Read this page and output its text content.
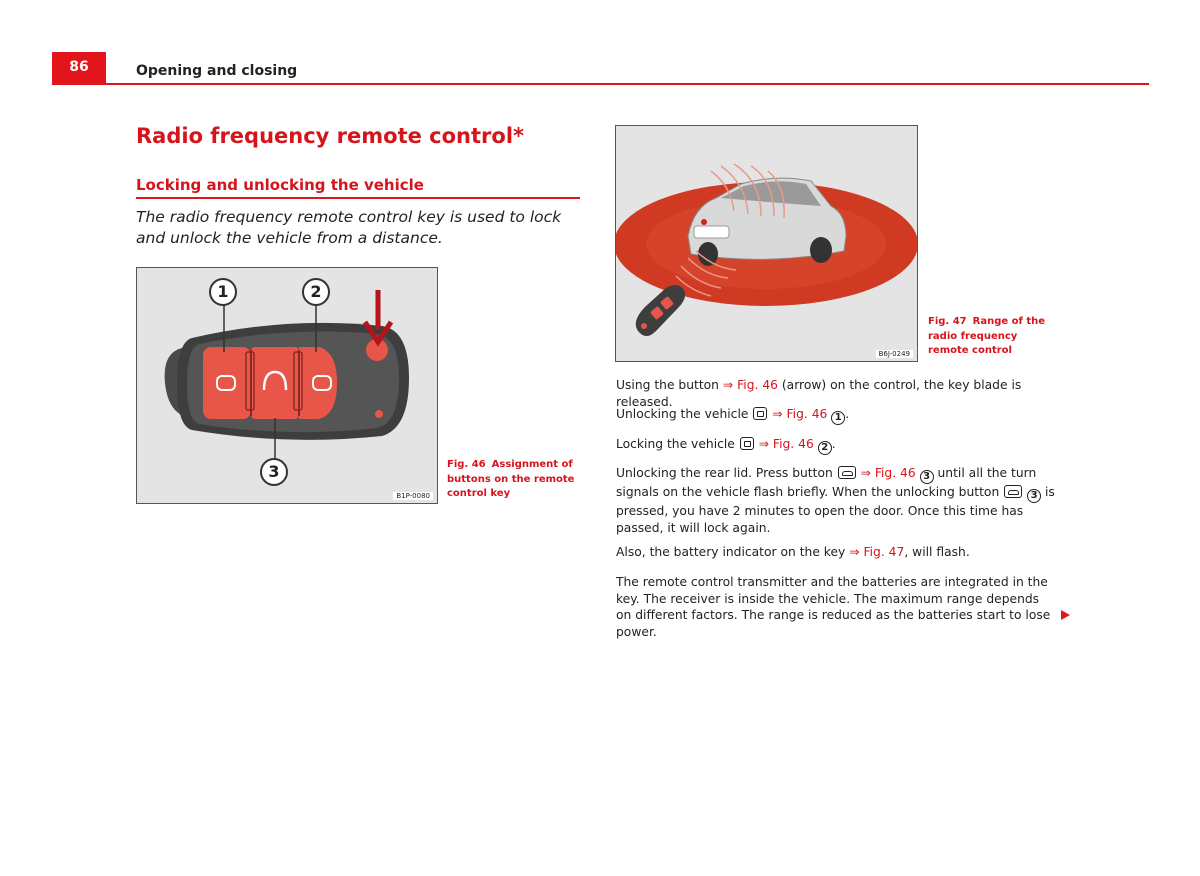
86	Opening and closing
Radio frequency remote control*
Locking and unlocking the vehicle
The radio frequency remote control key is used to lock and unlock the vehicle from a distance.
1	2
3
B1P-0080
Fig. 46 Assignment of buttons on the remote control key
B6J-0249
Fig. 47 Range of the radio frequency remote control
Using the button ⇒ Fig. 46 (arrow) on the control, the key blade is released.
Unlocking the vehicle  ⇒ Fig. 46 1 .
Locking the vehicle  ⇒ Fig. 46 2 .
Unlocking the rear lid. Press button  ⇒ Fig. 46 3 until all the turn signals on the vehicle flash briefly. When the unlocking button	3 is pressed, you have 2 minutes to open the door. Once this time has passed, it will lock again.
Also, the battery indicator on the key ⇒ Fig. 47, will flash.
The remote control transmitter and the batteries are integrated in the key. The receiver is inside the vehicle. The maximum range depends on different factors. The range is reduced as the batteries start to lose power.
